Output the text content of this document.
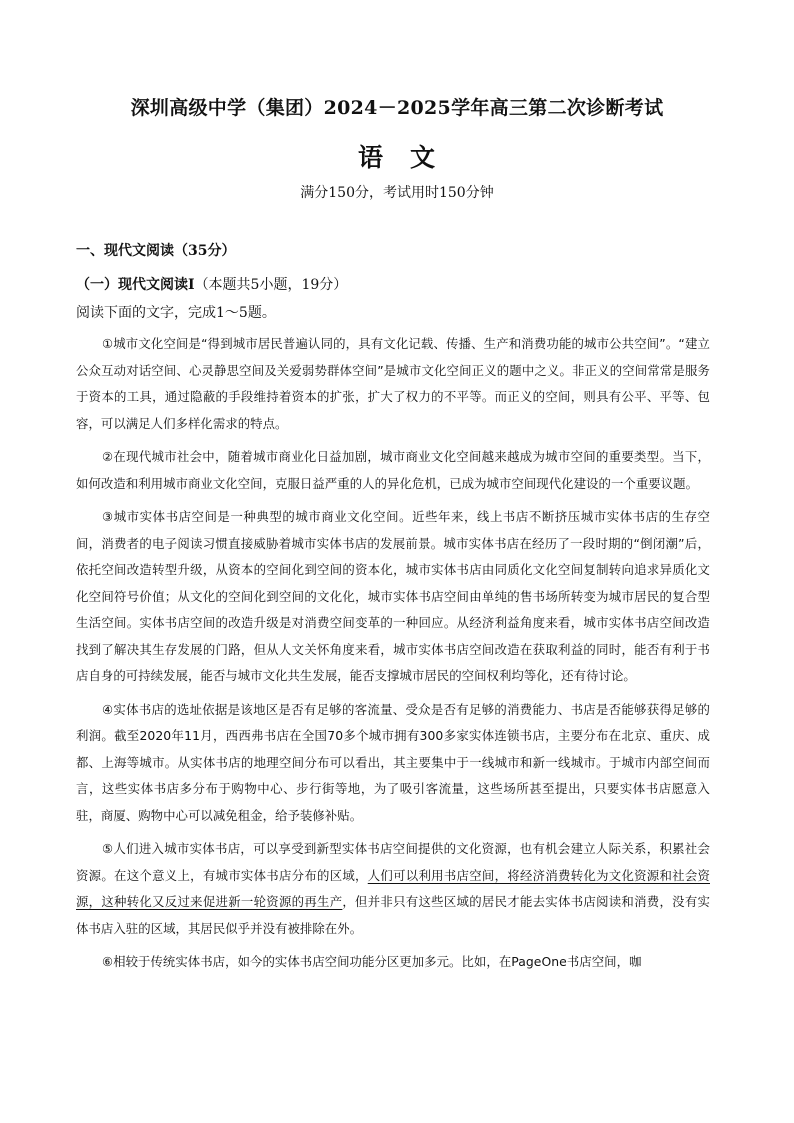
深圳高级中学（集团）2024－2025学年高三第二次诊断考试
语　文
满分150分，考试用时150分钟
一、现代文阅读（35分）
（一）现代文阅读Ⅰ（本题共5小题，19分）
阅读下面的文字，完成1～5题。

①城市文化空间是“得到城市居民普遍认同的，具有文化记载、传播、生产和消费功能的城市公共空间”。“建立公众互动对话空间、心灵静思空间及关爱弱势群体空间”是城市文化空间正义的题中之义。非正义的空间常常是服务于资本的工具，通过隐蔽的手段维持着资本的扩张，扩大了权力的不平等。而正义的空间，则具有公平、平等、包容，可以满足人们多样化需求的特点。

②在现代城市社会中，随着城市商业化日益加剧，城市商业文化空间越来越成为城市空间的重要类型。当下，如何改造和利用城市商业文化空间，克服日益严重的人的异化危机，已成为城市空间现代化建设的一个重要议题。

③城市实体书店空间是一种典型的城市商业文化空间。近些年来，线上书店不断挤压城市实体书店的生存空间，消费者的电子阅读习惯直接威胁着城市实体书店的发展前景。城市实体书店在经历了一段时期的“倒闭潮”后，依托空间改造转型升级，从资本的空间化到空间的资本化，城市实体书店由同质化文化空间复制转向追求异质化文化空间符号价值；从文化的空间化到空间的文化化，城市实体书店空间由单纯的售书场所转变为城市居民的复合型生活空间。实体书店空间的改造升级是对消费空间变革的一种回应。从经济利益角度来看，城市实体书店空间改造找到了解决其生存发展的门路，但从人文关怀角度来看，城市实体书店空间改造在获取利益的同时，能否有利于书店自身的可持续发展，能否与城市文化共生发展，能否支撑城市居民的空间权利均等化，还有待讨论。

④实体书店的选址依据是该地区是否有足够的客流量、受众是否有足够的消费能力、书店是否能够获得足够的利润。截至2020年11月，西西弗书店在全国70多个城市拥有300多家实体连锁书店，主要分布在北京、重庆、成都、上海等城市。从实体书店的地理空间分布可以看出，其主要集中于一线城市和新一线城市。于城市内部空间而言，这些实体书店多分布于购物中心、步行街等地，为了吸引客流量，这些场所甚至提出，只要实体书店愿意入驻，商厦、购物中心可以减免租金，给予装修补贴。

⑤人们进入城市实体书店，可以享受到新型实体书店空间提供的文化资源，也有机会建立人际关系，积累社会资源。在这个意义上，有城市实体书店分布的区域，人们可以利用书店空间，将经济消费转化为文化资源和社会资源，这种转化又反过来促进新一轮资源的再生产，但并非只有这些区域的居民才能去实体书店阅读和消费，没有实体书店入驻的区域，其居民似乎并没有被排除在外。

⑥相较于传统实体书店，如今的实体书店空间功能分区更加多元。比如，在PageOne书店空间，咖
